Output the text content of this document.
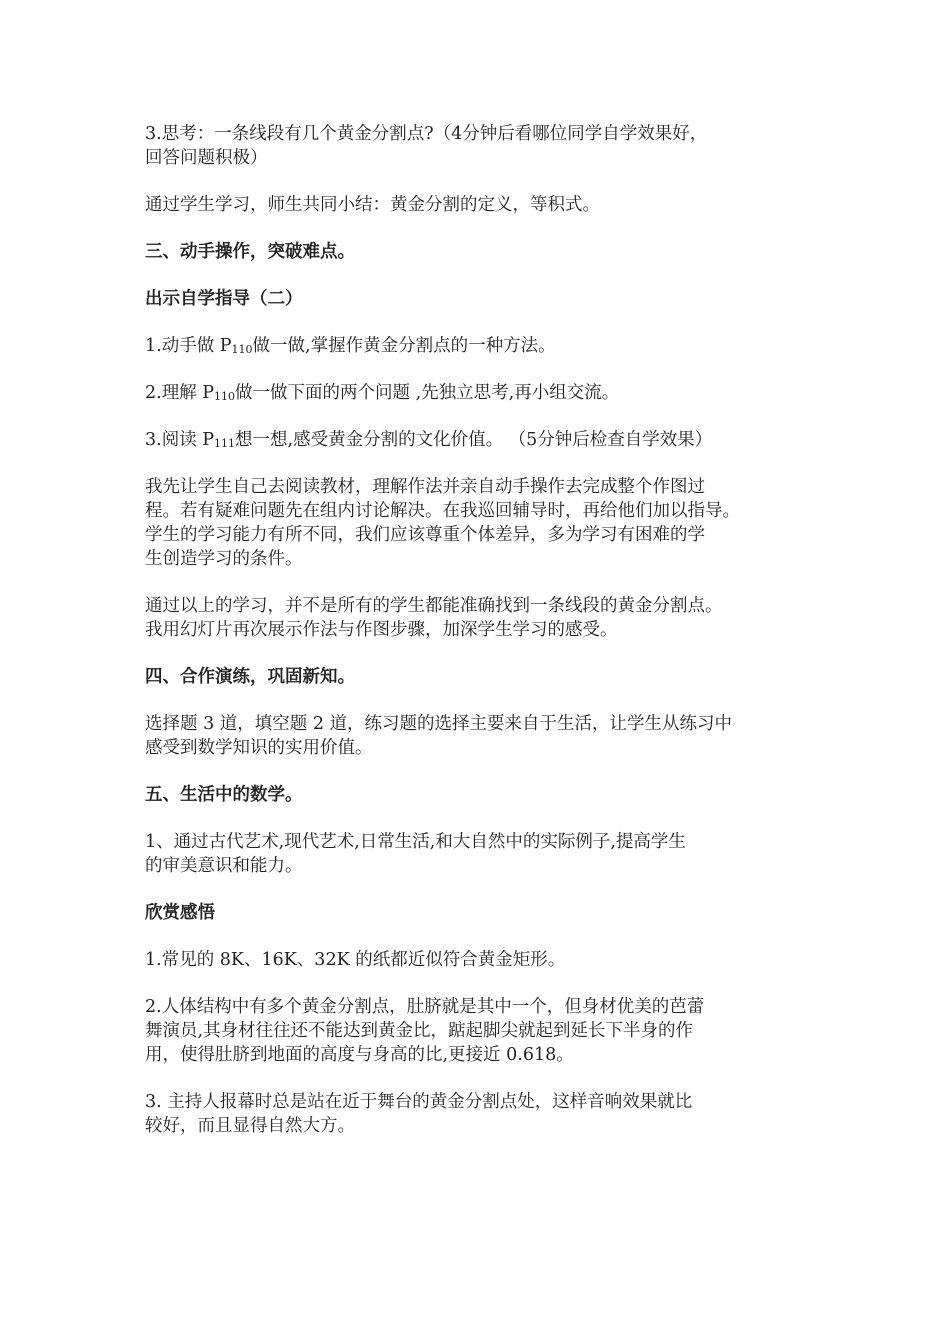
3.思考：一条线段有几个黄金分割点?（4分钟后看哪位同学自学效果好，
回答问题积极）

通过学生学习，师生共同小结：黄金分割的定义，等积式。

三、动手操作，突破难点。

出示自学指导（二）

1.动手做 P110做一做,掌握作黄金分割点的一种方法。

2.理解 P110做一做下面的两个问题 ,先独立思考,再小组交流。

3.阅读 P111想一想,感受黄金分割的文化价值。 （5分钟后检查自学效果）

我先让学生自己去阅读教材，理解作法并亲自动手操作去完成整个作图过
程。若有疑难问题先在组内讨论解决。在我巡回辅导时，再给他们加以指导。
学生的学习能力有所不同，我们应该尊重个体差异，多为学习有困难的学
生创造学习的条件。

通过以上的学习，并不是所有的学生都能准确找到一条线段的黄金分割点。
我用幻灯片再次展示作法与作图步骤，加深学生学习的感受。

四、合作演练，巩固新知。

选择题 3 道，填空题 2 道，练习题的选择主要来自于生活，让学生从练习中
感受到数学知识的实用价值。

五、生活中的数学。

1、通过古代艺术,现代艺术,日常生活,和大自然中的实际例子,提高学生
的审美意识和能力。

欣赏感悟

1.常见的 8K、16K、32K 的纸都近似符合黄金矩形。

2.人体结构中有多个黄金分割点，肚脐就是其中一个，但身材优美的芭蕾
舞演员,其身材往往还不能达到黄金比，踮起脚尖就起到延长下半身的作
用，使得肚脐到地面的高度与身高的比,更接近 0.618。

3. 主持人报幕时总是站在近于舞台的黄金分割点处，这样音响效果就比
较好，而且显得自然大方。
